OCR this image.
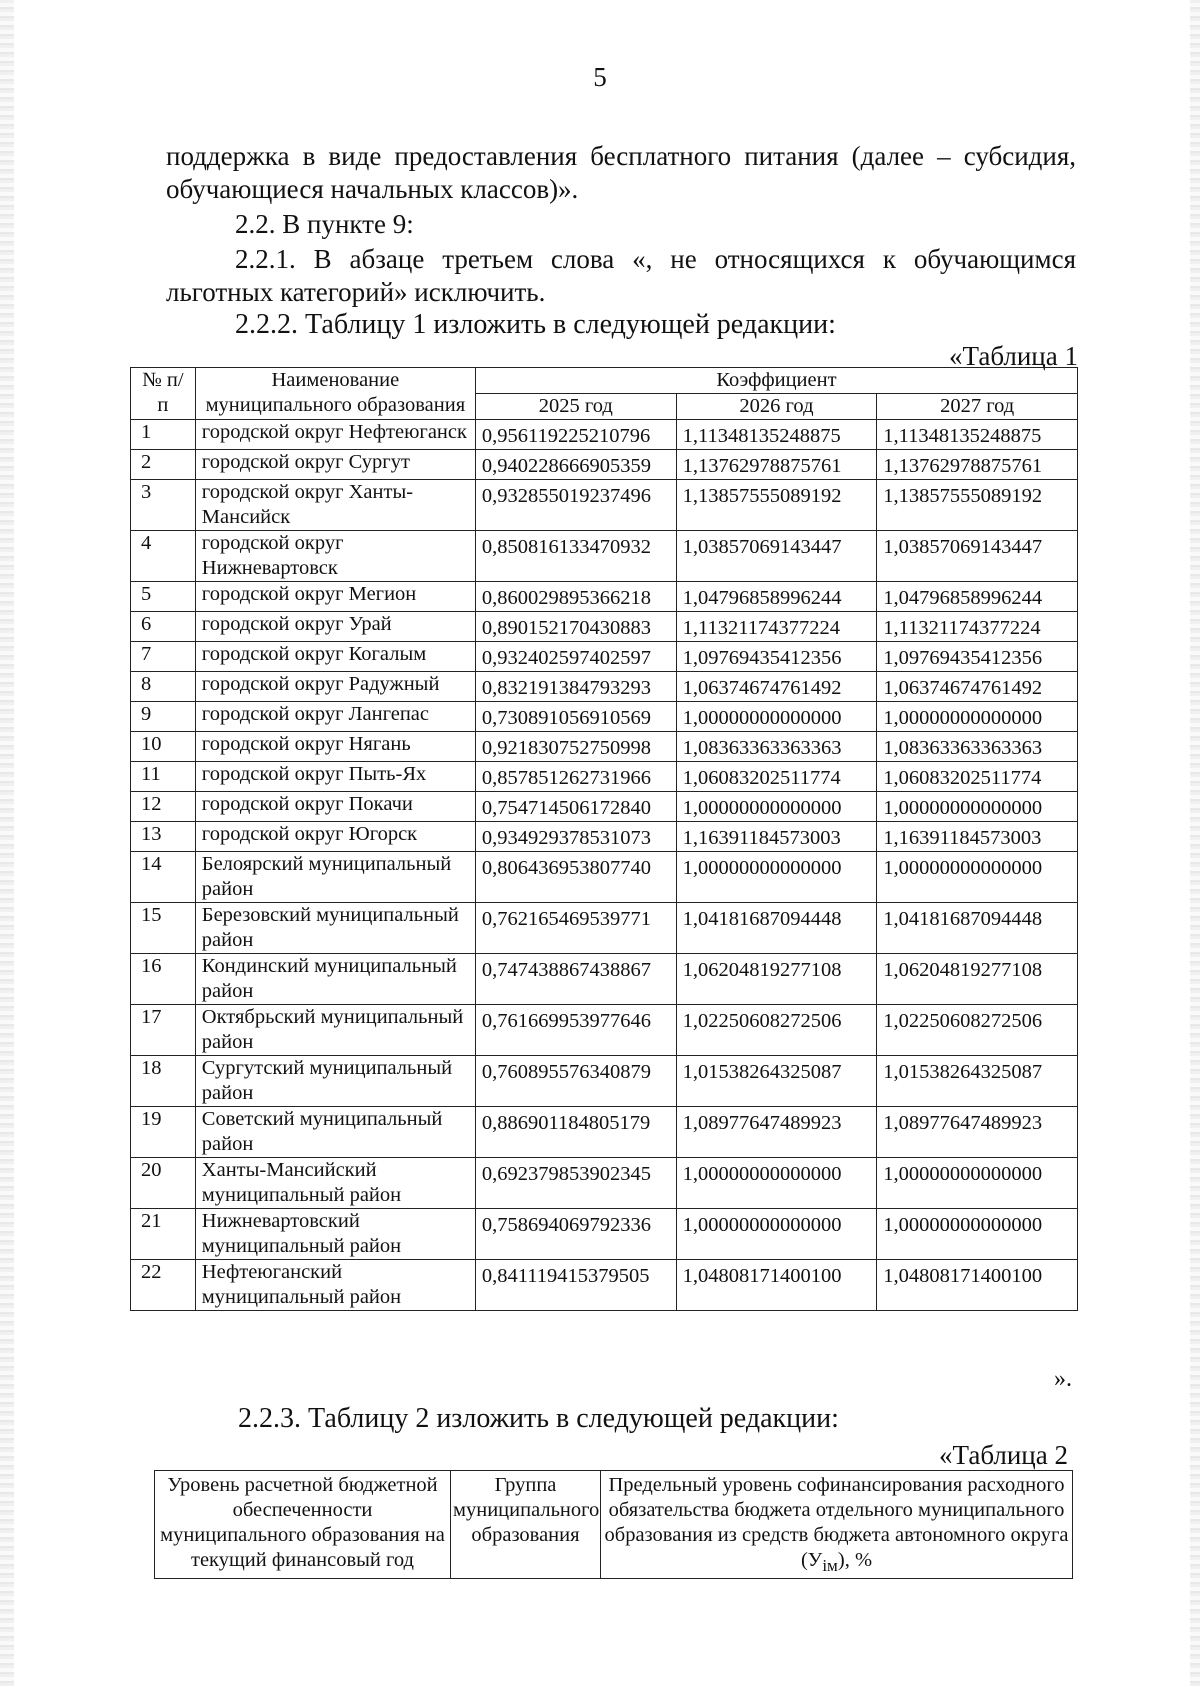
5
поддержка в виде предоставления бесплатного питания (далее – субсидия, обучающиеся начальных классов)».
2.2. В пункте 9:
2.2.1. В абзаце третьем слова «, не относящихся к обучающимся
льготных категорий» исключить.
2.2.2. Таблицу 1 изложить в следующей редакции:
«Таблица 1
№ п/п	Наименование муниципального образования	Коэффициент		
		2025 год	2026 год	2027 год
1	городской округ Нефтеюганск	0,956119225210796	1,11348135248875	1,11348135248875
2	городской округ Сургут	0,940228666905359	1,13762978875761	1,13762978875761
3	городской округ Ханты-Мансийск	0,932855019237496	1,13857555089192	1,13857555089192
4	городской округ Нижневартовск	0,850816133470932	1,03857069143447	1,03857069143447
5	городской округ Мегион	0,860029895366218	1,04796858996244	1,04796858996244
6	городской округ Урай	0,890152170430883	1,11321174377224	1,11321174377224
7	городской округ Когалым	0,932402597402597	1,09769435412356	1,09769435412356
8	городской округ Радужный	0,832191384793293	1,06374674761492	1,06374674761492
9	городской округ Лангепас	0,730891056910569	1,00000000000000	1,00000000000000
10	городской округ Нягань	0,921830752750998	1,08363363363363	1,08363363363363
11	городской округ Пыть-Ях	0,857851262731966	1,06083202511774	1,06083202511774
12	городской округ Покачи	0,754714506172840	1,00000000000000	1,00000000000000
13	городской округ Югорск	0,934929378531073	1,16391184573003	1,16391184573003
14	Белоярский муниципальный район	0,806436953807740	1,00000000000000	1,00000000000000
15	Березовский муниципальный район	0,762165469539771	1,04181687094448	1,04181687094448
16	Кондинский муниципальный район	0,747438867438867	1,06204819277108	1,06204819277108
17	Октябрьский муниципальный район	0,761669953977646	1,02250608272506	1,02250608272506
18	Сургутский муниципальный район	0,760895576340879	1,01538264325087	1,01538264325087
19	Советский муниципальный район	0,886901184805179	1,08977647489923	1,08977647489923
20	Ханты-Мансийский муниципальный район	0,692379853902345	1,00000000000000	1,00000000000000
21	Нижневартовский муниципальный район	0,758694069792336	1,00000000000000	1,00000000000000
22	Нефтеюганский муниципальный район	0,841119415379505	1,04808171400100	1,04808171400100
».
2.2.3. Таблицу 2 изложить в следующей редакции:
«Таблица 2
Уровень расчетной бюджетной обеспеченности муниципального образования на текущий финансовый год	Группа муниципального образования	Предельный уровень софинансирования расходного обязательства бюджета отдельного муниципального образования из средств бюджета автономного округа $(У_{iм})$, %
